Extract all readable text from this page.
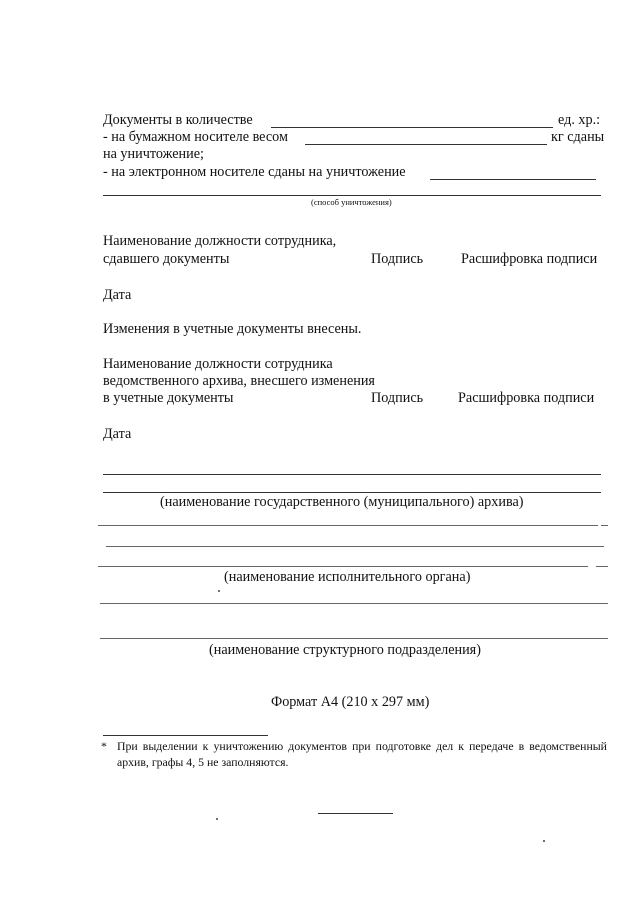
Документы в количестве	ед. хр.:
- на бумажном носителе весом	кг сданы
на уничтожение;
- на электронном носителе сданы на уничтожение
(способ уничтожения)
Наименование должности сотрудника,
сдавшего документы	Подпись	Расшифровка подписи
Дата
Изменения в учетные документы внесены.
Наименование должности сотрудника
ведомственного архива, внесшего изменения
в учетные документы	Подпись Расшифровка подписи
Дата
(наименование государственного (муниципального) архива)
(наименование исполнительного органа)
(наименование структурного подразделения)
Формат А4 (210 х 297 мм)
* При выделении к уничтожению документов при подготовке дел к передаче в ведомственный архив, графы 4, 5 не заполняются.
